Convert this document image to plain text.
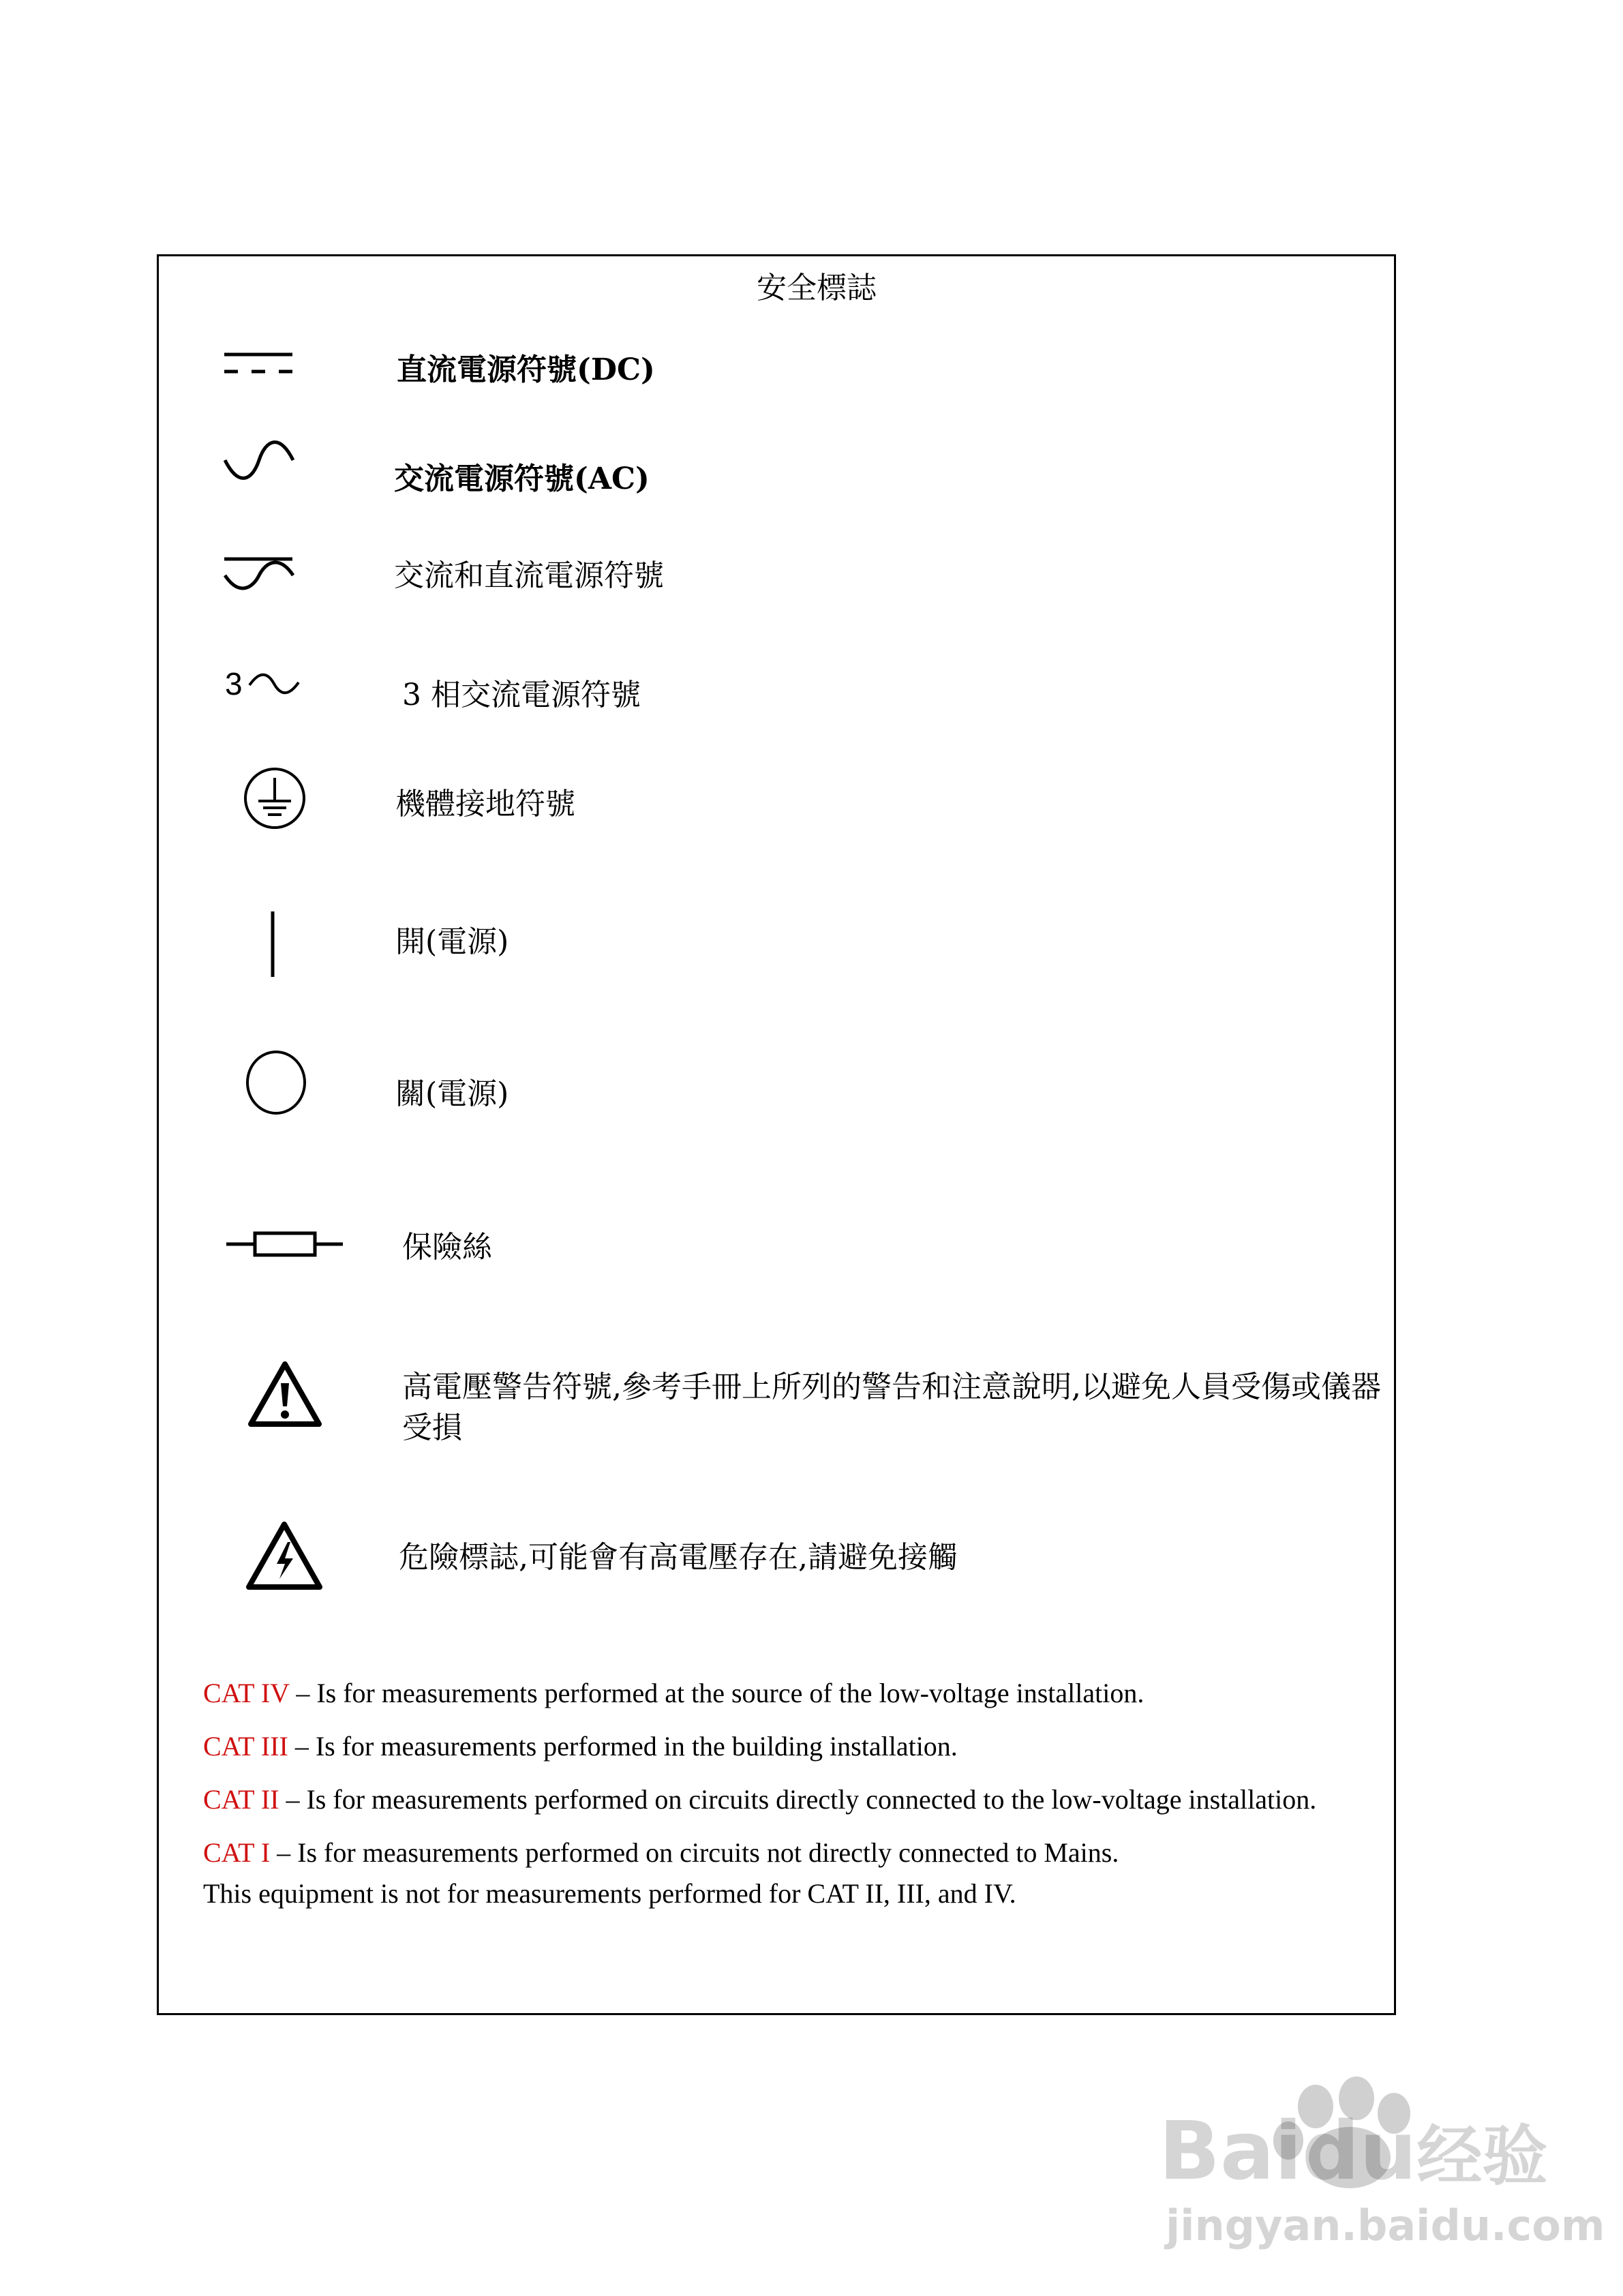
安全標誌
直流電源符號(DC)
交流電源符號(AC)
交流和直流電源符號
3	3 相交流電源符號
機體接地符號
開(電源)
關(電源)
保險絲
高電壓警告符號,參考手冊上所列的警告和注意說明,以避免人員受傷或儀器受損
危險標誌,可能會有高電壓存在,請避免接觸
CAT IV – Is for measurements performed at the source of the low-voltage installation.
CAT III – Is for measurements performed in the building installation.
CAT II – Is for measurements performed on circuits directly connected to the low-voltage installation.
CAT I – Is for measurements performed on circuits not directly connected to Mains.
This equipment is not for measurements performed for CAT II, III, and IV.
Baidu经验
jingyan.baidu.com
